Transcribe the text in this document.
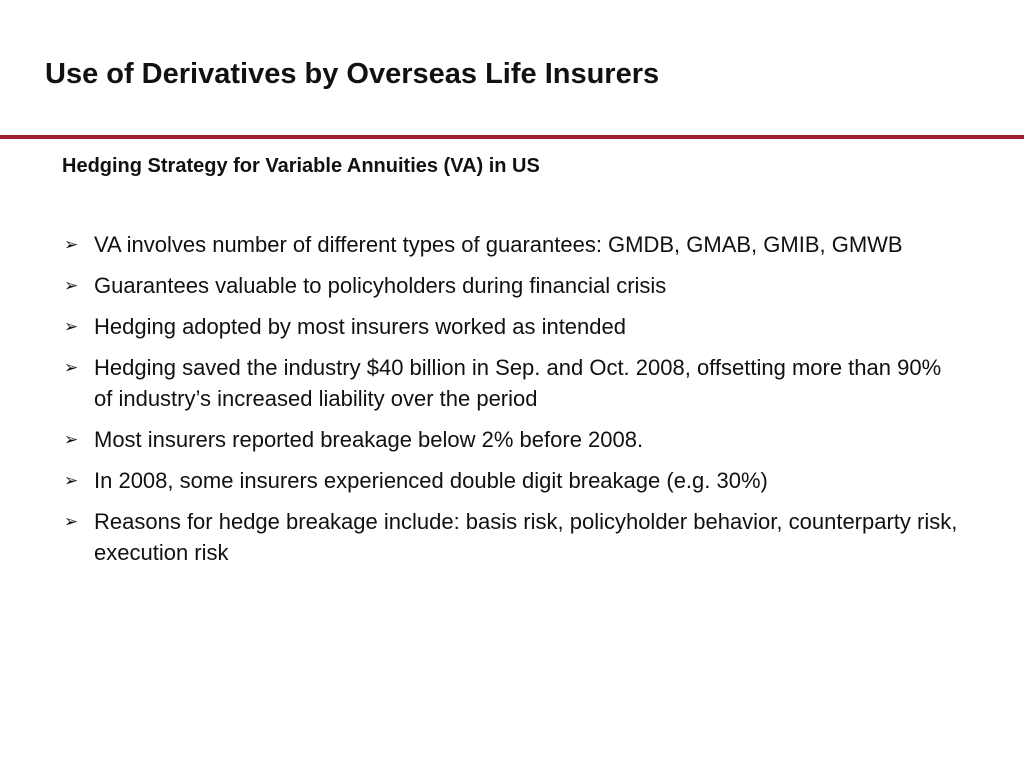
Use of Derivatives by Overseas Life Insurers
Hedging Strategy for Variable Annuities (VA) in US
➢ VA involves number of different types of guarantees: GMDB, GMAB, GMIB, GMWB
➢ Guarantees valuable to policyholders during financial crisis
➢ Hedging adopted by most insurers worked as intended
➢ Hedging saved the industry $40 billion in Sep. and Oct. 2008, offsetting more than 90% of industry’s increased liability over the period
➢ Most insurers reported breakage below 2% before 2008.
➢ In 2008, some insurers experienced double digit breakage (e.g. 30%)
➢ Reasons for hedge breakage include: basis risk, policyholder behavior, counterparty risk, execution risk
